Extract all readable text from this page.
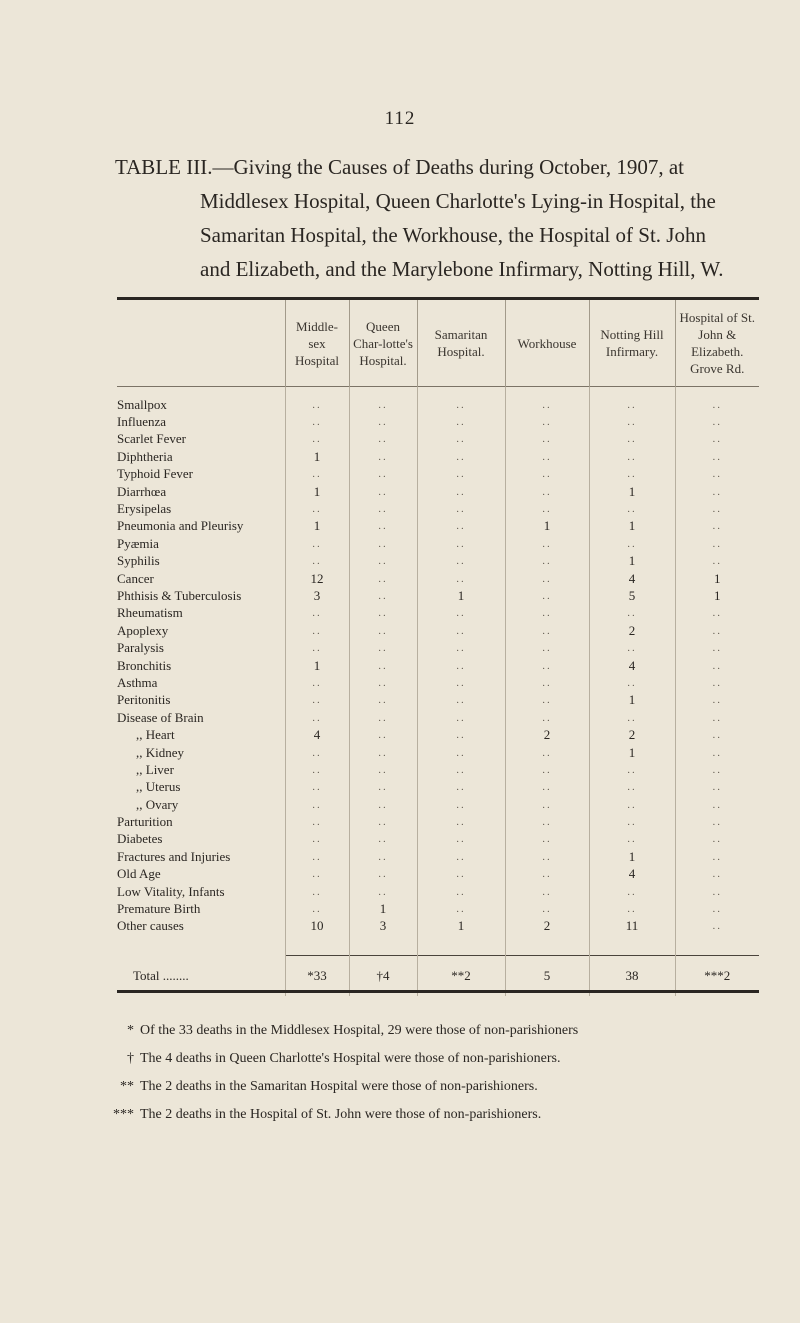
112
TABLE III.—Giving the Causes of Deaths during October, 1907, at
Middlesex Hospital, Queen Charlotte's Lying-in Hospital, the
Samaritan Hospital, the Workhouse, the Hospital of St. John
and Elizabeth, and the Marylebone Infirmary, Notting Hill, W.
	Middle-sex Hospital	Queen Char-lotte's Hospital.	Samaritan Hospital.	Workhouse	Notting Hill Infirmary.	Hospital of St. John & Elizabeth. Grove Rd.

Smallpox	..	..	..	..	..	..
Influenza	..	..	..	..	..	..
Scarlet Fever	..	..	..	..	..	..
Diphtheria	1	..	..	..	..	..
Typhoid Fever	..	..	..	..	..	..
Diarrhœa	1	..	..	..	1	..
Erysipelas	..	..	..	..	..	..
Pneumonia and Pleurisy	1	..	..	1	1	..
Pyæmia	..	..	..	..	..	..
Syphilis	..	..	..	..	1	..
Cancer	12	..	..	..	4	1
Phthisis & Tuberculosis	3	..	1	..	5	1
Rheumatism	..	..	..	..	..	..
Apoplexy	..	..	..	..	2	..
Paralysis	..	..	..	..	..	..
Bronchitis	1	..	..	..	4	..
Asthma	..	..	..	..	..	..
Peritonitis	..	..	..	..	1	..
Disease of Brain	..	..	..	..	..	..
,, Heart	4	..	..	2	2	..
,, Kidney	..	..	..	..	1	..
,, Liver	..	..	..	..	..	..
,, Uterus	..	..	..	..	..	..
,, Ovary	..	..	..	..	..	..
Parturition	..	..	..	..	..	..
Diabetes	..	..	..	..	..	..
Fractures and Injuries	..	..	..	..	1	..
Old Age	..	..	..	..	4	..
Low Vitality, Infants	..	..	..	..	..	..
Premature Birth	..	1	..	..	..	..
Other causes	10	3	1	2	11	..

Total ........	*33	†4	**2	5	38	***2
* Of the 33 deaths in the Middlesex Hospital, 29 were those of non-parishioners
† The 4 deaths in Queen Charlotte's Hospital were those of non-parishioners.
** The 2 deaths in the Samaritan Hospital were those of non-parishioners.
*** The 2 deaths in the Hospital of St. John were those of non-parishioners.
